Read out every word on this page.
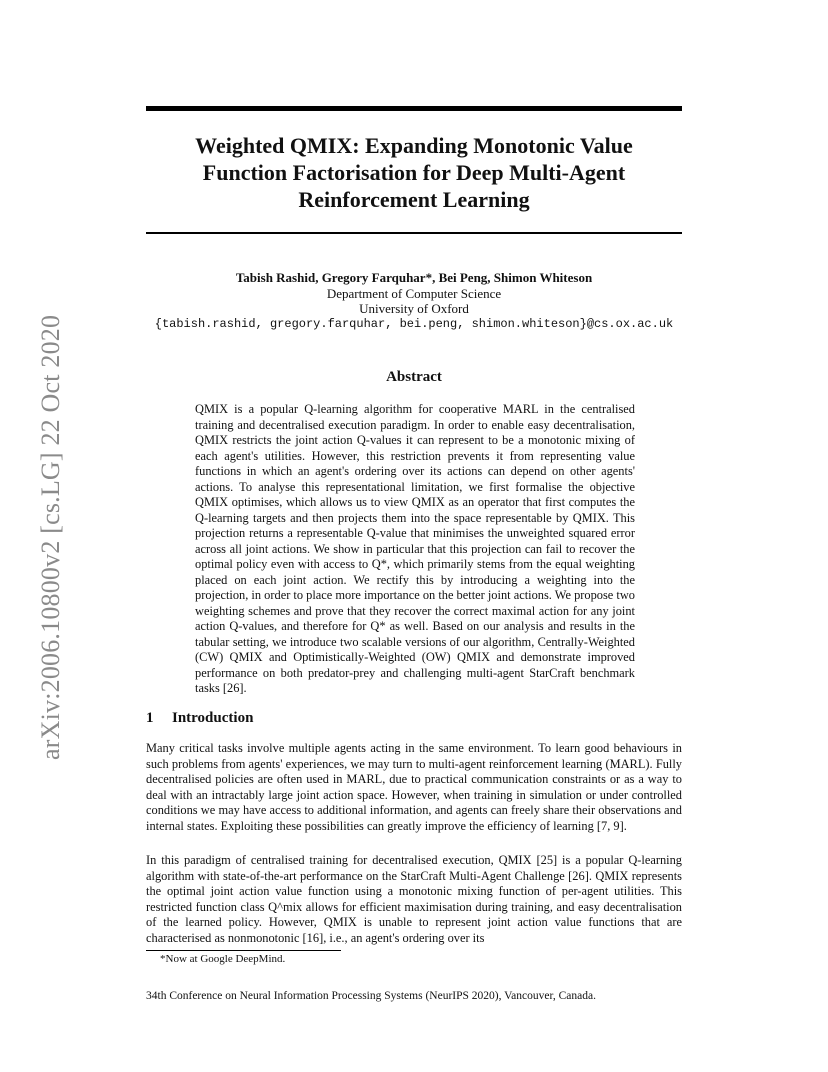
Weighted QMIX: Expanding Monotonic Value
Function Factorisation for Deep Multi-Agent
Reinforcement Learning
arXiv:2006.10800v2 [cs.LG] 22 Oct 2020
Tabish Rashid, Gregory Farquhar*, Bei Peng, Shimon Whiteson
Department of Computer Science
University of Oxford
{tabish.rashid, gregory.farquhar, bei.peng, shimon.whiteson}@cs.ox.ac.uk
Abstract
QMIX is a popular Q-learning algorithm for cooperative MARL in the centralised training and decentralised execution paradigm. In order to enable easy decentralisation, QMIX restricts the joint action Q-values it can represent to be a monotonic mixing of each agent's utilities. However, this restriction prevents it from representing value functions in which an agent's ordering over its actions can depend on other agents' actions. To analyse this representational limitation, we first formalise the objective QMIX optimises, which allows us to view QMIX as an operator that first computes the Q-learning targets and then projects them into the space representable by QMIX. This projection returns a representable Q-value that minimises the unweighted squared error across all joint actions. We show in particular that this projection can fail to recover the optimal policy even with access to Q*, which primarily stems from the equal weighting placed on each joint action. We rectify this by introducing a weighting into the projection, in order to place more importance on the better joint actions. We propose two weighting schemes and prove that they recover the correct maximal action for any joint action Q-values, and therefore for Q* as well. Based on our analysis and results in the tabular setting, we introduce two scalable versions of our algorithm, Centrally-Weighted (CW) QMIX and Optimistically-Weighted (OW) QMIX and demonstrate improved performance on both predator-prey and challenging multi-agent StarCraft benchmark tasks [26].
1 Introduction
Many critical tasks involve multiple agents acting in the same environment. To learn good behaviours in such problems from agents' experiences, we may turn to multi-agent reinforcement learning (MARL). Fully decentralised policies are often used in MARL, due to practical communication constraints or as a way to deal with an intractably large joint action space. However, when training in simulation or under controlled conditions we may have access to additional information, and agents can freely share their observations and internal states. Exploiting these possibilities can greatly improve the efficiency of learning [7, 9].
In this paradigm of centralised training for decentralised execution, QMIX [25] is a popular Q-learning algorithm with state-of-the-art performance on the StarCraft Multi-Agent Challenge [26]. QMIX represents the optimal joint action value function using a monotonic mixing function of per-agent utilities. This restricted function class Q^mix allows for efficient maximisation during training, and easy decentralisation of the learned policy. However, QMIX is unable to represent joint action value functions that are characterised as nonmonotonic [16], i.e., an agent's ordering over its
*Now at Google DeepMind.
34th Conference on Neural Information Processing Systems (NeurIPS 2020), Vancouver, Canada.
